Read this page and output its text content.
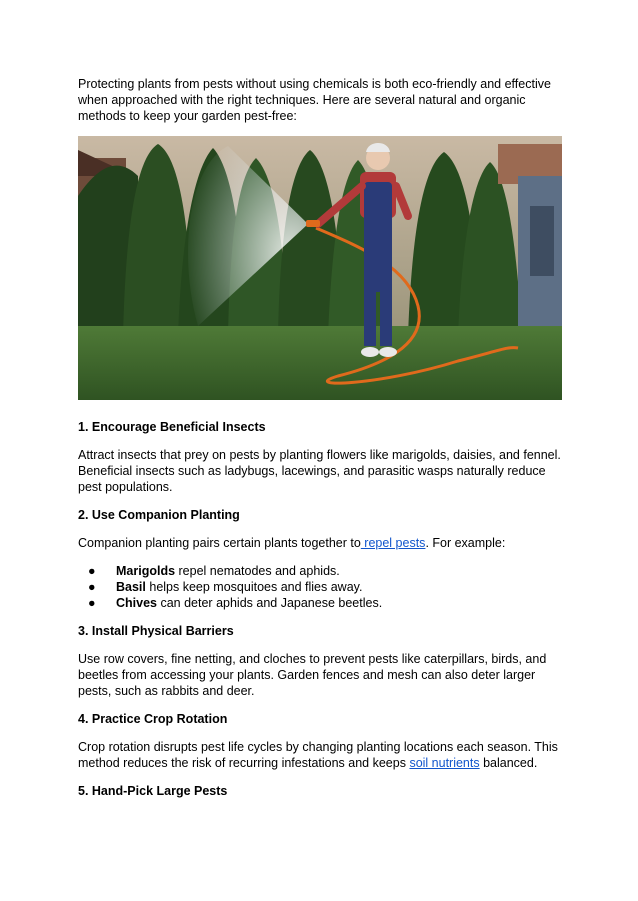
Protecting plants from pests without using chemicals is both eco-friendly and effective when approached with the right techniques. Here are several natural and organic methods to keep your garden pest-free:

1. Encourage Beneficial Insects

Attract insects that prey on pests by planting flowers like marigolds, daisies, and fennel. Beneficial insects such as ladybugs, lacewings, and parasitic wasps naturally reduce pest populations.

2. Use Companion Planting

Companion planting pairs certain plants together to repel pests. For example:

● Marigolds repel nematodes and aphids.
● Basil helps keep mosquitoes and flies away.
● Chives can deter aphids and Japanese beetles.
3. Install Physical Barriers

Use row covers, fine netting, and cloches to prevent pests like caterpillars, birds, and beetles from accessing your plants. Garden fences and mesh can also deter larger pests, such as rabbits and deer.

4. Practice Crop Rotation

Crop rotation disrupts pest life cycles by changing planting locations each season. This method reduces the risk of recurring infestations and keeps soil nutrients balanced.

5. Hand-Pick Large Pests
